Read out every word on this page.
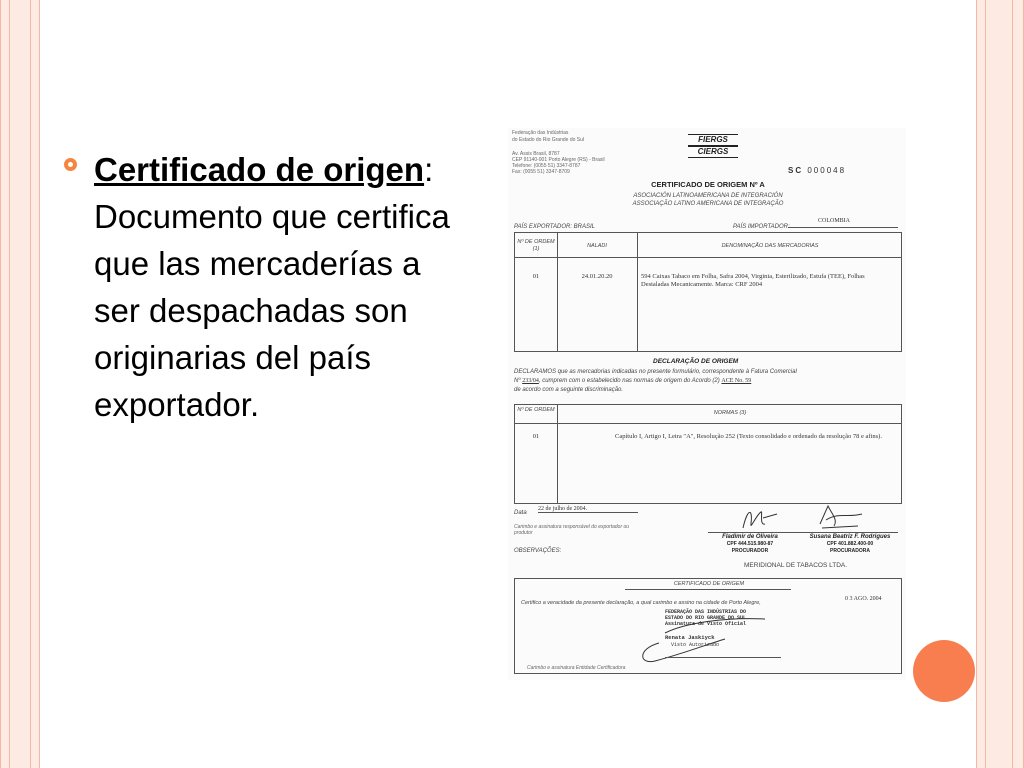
Certificado de origen: Documento que certifica que las mercaderías a ser despachadas son originarias del país exportador.
Federação das Indústrias
do Estado do Rio Grande do Sul
Av. Assis Brasil, 8787
CEP 91140-001 Porto Alegre (RS) - Brasil
Telefone: (0055 51) 3347-8787
Fax: (0055 51) 3347-8709
FIERGS
CIERGS
SC 000048
CERTIFICADO DE ORIGEM Nº A
ASOCIACIÓN LATINOAMERICANA DE INTEGRACIÓN
ASSOCIAÇÃO LATINO AMERICANA DE INTEGRAÇÃO
PAÍS EXPORTADOR: BRASIL	PAÍS IMPORTADOR:
COLOMBIA
Nº DE ORDEM (1)	NALADI	DENOMINAÇÃO DAS MERCADORIAS
01	24.01.20.20	594 Caixas Tabaco em Folha, Safra 2004, Virginia, Esterilizado, Estufa (TEE), Folhas Destaladas Mecanicamente. Marca: CRF 2004
DECLARAÇÃO DE ORIGEM
DECLARAMOS que as mercadorias indicadas no presente formulário, correspondente à Fatura Comercial
Nº 233/04, cumprem com o estabelecido nas normas de origem do Acordo (2) ACE No. 59
de acordo com a seguinte discriminação.
Nº DE ORDEM	NORMAS (3)
01	Capítulo I, Artigo I, Letra "A", Resolução 252 (Texto consolidado e ordenado da resolução 78 e afins).
Data
22 de julho de 2004.
Carimbo e assinatura responsável do exportador ou produtor
Fladimir de Oliveira
CPF 444.515.980-87
PROCURADOR
Susana Beatriz F. Rodrigues
CPF 401.882.400-00
PROCURADORA
OBSERVAÇÕES:
MERIDIONAL DE TABACOS LTDA.
CERTIFICADO DE ORIGEM
Certifico a veracidade da presente declaração, a qual carimbo e assino na cidade de Porto Alegre,
0 3 AGO. 2004
FEDERAÇÃO DAS INDÚSTRIAS DO
ESTADO DO RIO GRANDE DO SUL
Assinatura de Visto Oficial
Renata Jaskiyck
Visto Autorizado
Carimbo e assinatura Entidade Certificadora
